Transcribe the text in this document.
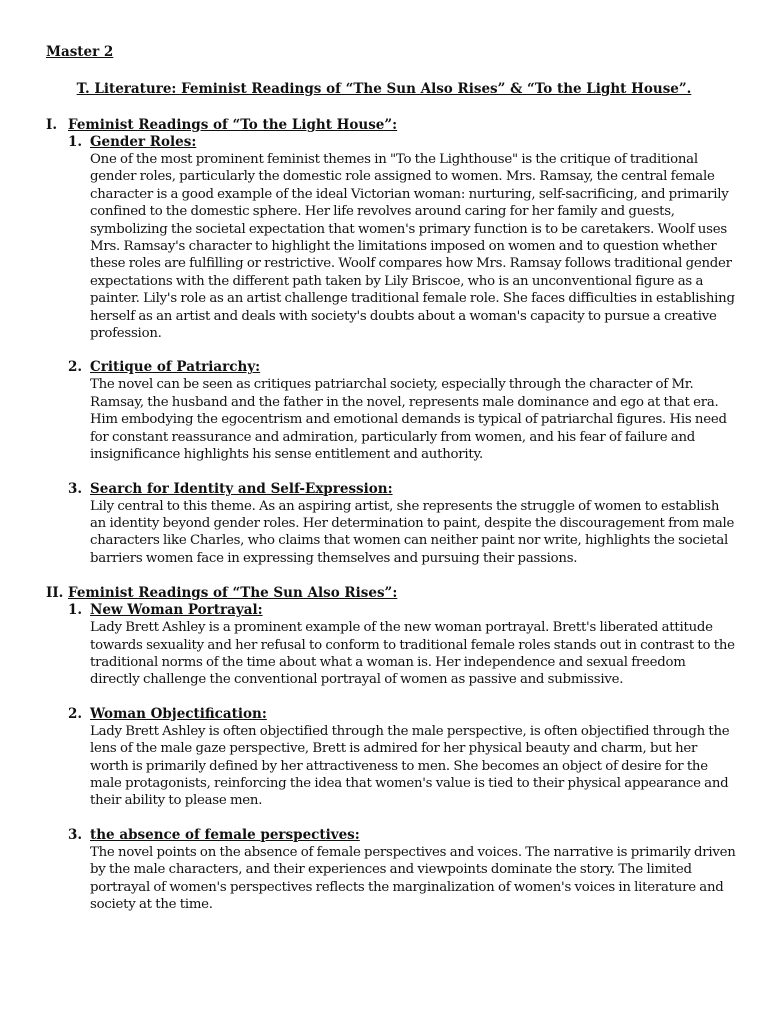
Master 2

T. Literature: Feminist Readings of “The Sun Also Rises” & “To the Light House”.

I. Feminist Readings of “To the Light House”:
1. Gender Roles:

One of the most prominent feminist themes in "To the Lighthouse" is the critique of traditional gender roles, particularly the domestic role assigned to women. Mrs. Ramsay, the central female character is a good example of the ideal Victorian woman: nurturing, self-sacrificing, and primarily confined to the domestic sphere. Her life revolves around caring for her family and guests, symbolizing the societal expectation that women's primary function is to be caretakers. Woolf uses Mrs. Ramsay's character to highlight the limitations imposed on women and to question whether these roles are fulfilling or restrictive. Woolf compares how Mrs. Ramsay follows traditional gender expectations with the different path taken by Lily Briscoe, who is an unconventional figure as a painter. Lily's role as an artist challenge traditional female role. She faces difficulties in establishing herself as an artist and deals with society's doubts about a woman's capacity to pursue a creative profession.

2. Critique of Patriarchy:

The novel can be seen as critiques patriarchal society, especially through the character of Mr. Ramsay, the husband and the father in the novel, represents male dominance and ego at that era. Him embodying the egocentrism and emotional demands is typical of patriarchal figures. His need for constant reassurance and admiration, particularly from women, and his fear of failure and insignificance highlights his sense entitlement and authority.

3. Search for Identity and Self-Expression:

Lily central to this theme. As an aspiring artist, she represents the struggle of women to establish an identity beyond gender roles. Her determination to paint, despite the discouragement from male characters like Charles, who claims that women can neither paint nor write, highlights the societal barriers women face in expressing themselves and pursuing their passions.

II. Feminist Readings of “The Sun Also Rises”:
1. New Woman Portrayal:

Lady Brett Ashley is a prominent example of the new woman portrayal. Brett's liberated attitude towards sexuality and her refusal to conform to traditional female roles stands out in contrast to the traditional norms of the time about what a woman is. Her independence and sexual freedom directly challenge the conventional portrayal of women as passive and submissive.

2. Woman Objectification:

Lady Brett Ashley is often objectified through the male perspective, is often objectified through the lens of the male gaze perspective, Brett is admired for her physical beauty and charm, but her worth is primarily defined by her attractiveness to men. She becomes an object of desire for the male protagonists, reinforcing the idea that women's value is tied to their physical appearance and their ability to please men.

3. the absence of female perspectives:

The novel points on the absence of female perspectives and voices. The narrative is primarily driven by the male characters, and their experiences and viewpoints dominate the story. The limited portrayal of women's perspectives reflects the marginalization of women's voices in literature and society at the time.
